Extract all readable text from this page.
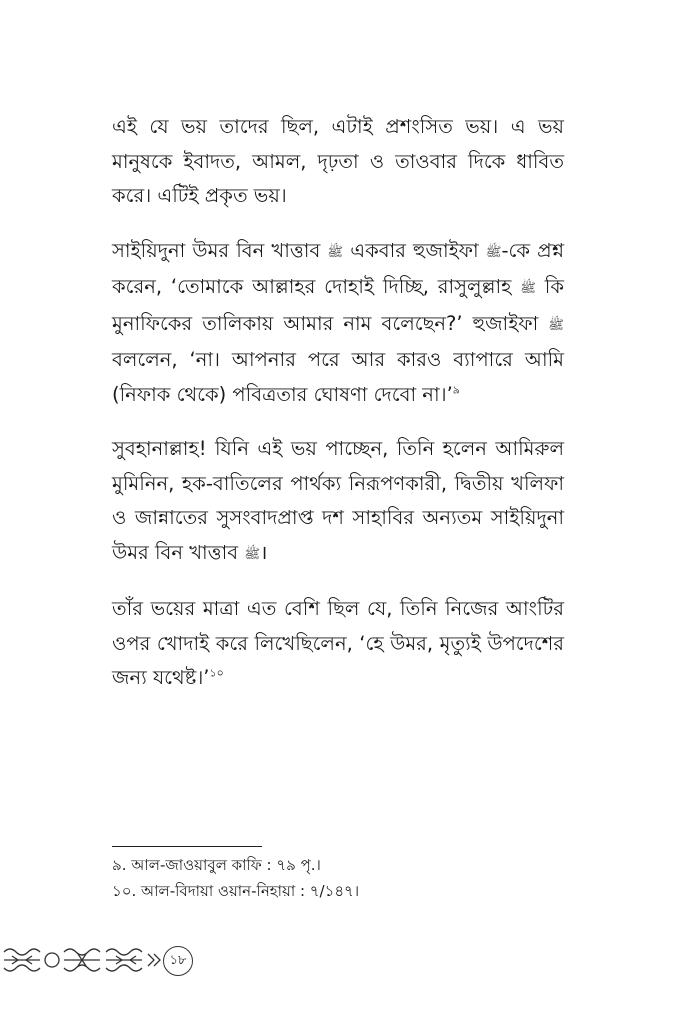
এই যে ভয় তাদের ছিল, এটাই প্রশংসিত ভয়। এ ভয় মানুষকে ইবাদত, আমল, দৃঢ়তা ও তাওবার দিকে ধাবিত করে। এটিই প্রকৃত ভয়।

সাইয়িদুনা উমর বিন খাত্তাব ﷺ একবার হুজাইফা ﷺ-কে প্রশ্ন করেন, ‘তোমাকে আল্লাহর দোহাই দিচ্ছি, রাসুলুল্লাহ ﷺ কি মুনাফিকের তালিকায় আমার নাম বলেছেন?’ হুজাইফা ﷺ বললেন, ‘না। আপনার পরে আর কারও ব্যাপারে আমি (নিফাক থেকে) পবিত্রতার ঘোষণা দেবো না।’$^৯$

সুবহানাল্লাহ! যিনি এই ভয় পাচ্ছেন, তিনি হলেন আমিরুল মুমিনিন, হক-বাতিলের পার্থক্য নিরূপণকারী, দ্বিতীয় খলিফা ও জান্নাতের সুসংবাদপ্রাপ্ত দশ সাহাবির অন্যতম সাইয়িদুনা উমর বিন খাত্তাব ﷺ।

তাঁর ভয়ের মাত্রা এত বেশি ছিল যে, তিনি নিজের আংটির ওপর খোদাই করে লিখেছিলেন, ‘হে উমর, মৃত্যুই উপদেশের জন্য যথেষ্ট।’$^{১০}$

৯. আল-জাওয়াবুল কাফি : ৭৯ পৃ.।

১০. আল-বিদায়া ওয়ান-নিহায়া : ৭/১৪৭।

১৮
